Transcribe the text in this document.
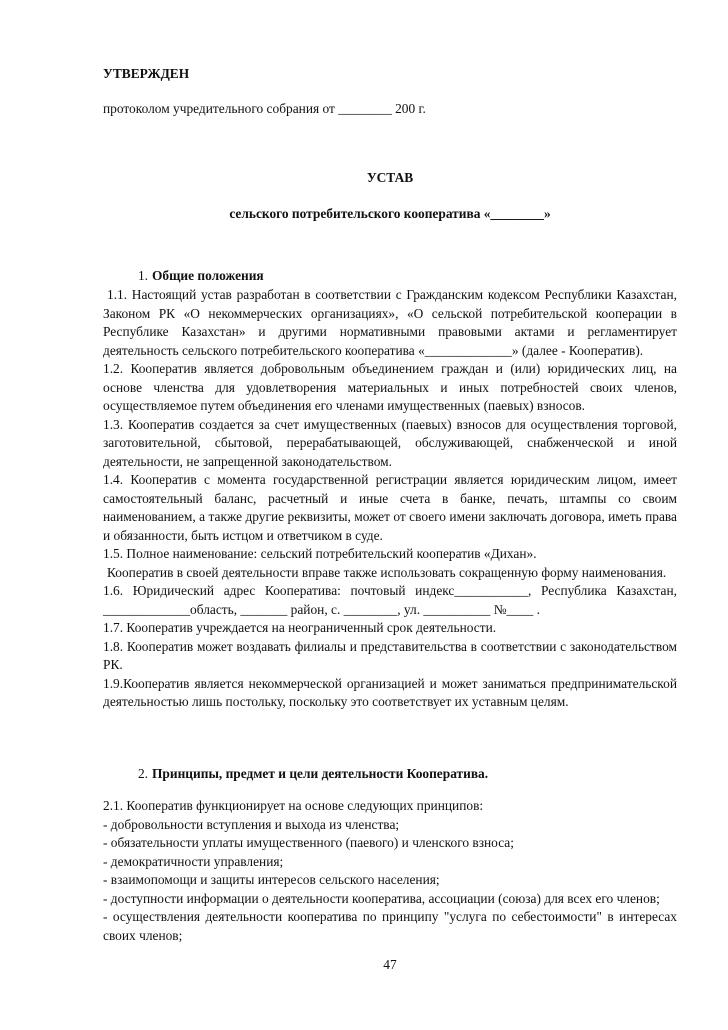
УТВЕРЖДЕН
протоколом учредительного собрания от ________ 200 г.
УСТАВ
сельского потребительского кооператива «________»
1. Общие положения

1.1. Настоящий устав разработан в соответствии с Гражданским кодексом Республики Казахстан, Законом РК «О некоммерческих организациях», «О сельской потребительской кооперации в Республике Казахстан» и другими нормативными правовыми актами и регламентирует деятельность сельского потребительского кооператива «_____________» (далее - Кооператив).

1.2. Кооператив является добровольным объединением граждан и (или) юридических лиц, на основе членства для удовлетворения материальных и иных потребностей своих членов, осуществляемое путем объединения его членами имущественных (паевых) взносов.

1.3. Кооператив создается за счет имущественных (паевых) взносов для осуществления торговой, заготовительной, сбытовой, перерабатывающей, обслуживающей, снабженческой и иной деятельности, не запрещенной законодательством.

1.4. Кооператив с момента государственной регистрации является юридическим лицом, имеет самостоятельный баланс, расчетный и иные счета в банке, печать, штампы со своим наименованием, а также другие реквизиты, может от своего имени заключать договора, иметь права и обязанности, быть истцом и ответчиком в суде.

1.5. Полное наименование: сельский потребительский кооператив «Дихан».

Кооператив в своей деятельности вправе также использовать сокращенную форму наименования.

1.6. Юридический адрес Кооператива: почтовый индекс___________, Республика Казахстан, _____________область, _______ район, с. ________, ул. __________ №____ .

1.7. Кооператив учреждается на неограниченный срок деятельности.

1.8. Кооператив может воздавать филиалы и представительства в соответствии с законодательством РК.

1.9.Кооператив является некоммерческой организацией и может заниматься предпринимательской деятельностью лишь постольку, поскольку это соответствует их уставным целям.

2. Принципы, предмет и цели деятельности Кооператива.

2.1. Кооператив функционирует на основе следующих принципов:

- добровольности вступления и выхода из членства;

- обязательности уплаты имущественного (паевого) и членского взноса;

- демократичности управления;

- взаимопомощи и защиты интересов сельского населения;

- доступности информации о деятельности кооператива, ассоциации (союза) для всех его членов;

- осуществления деятельности кооператива по принципу "услуга по себестоимости" в интересах своих членов;

47
